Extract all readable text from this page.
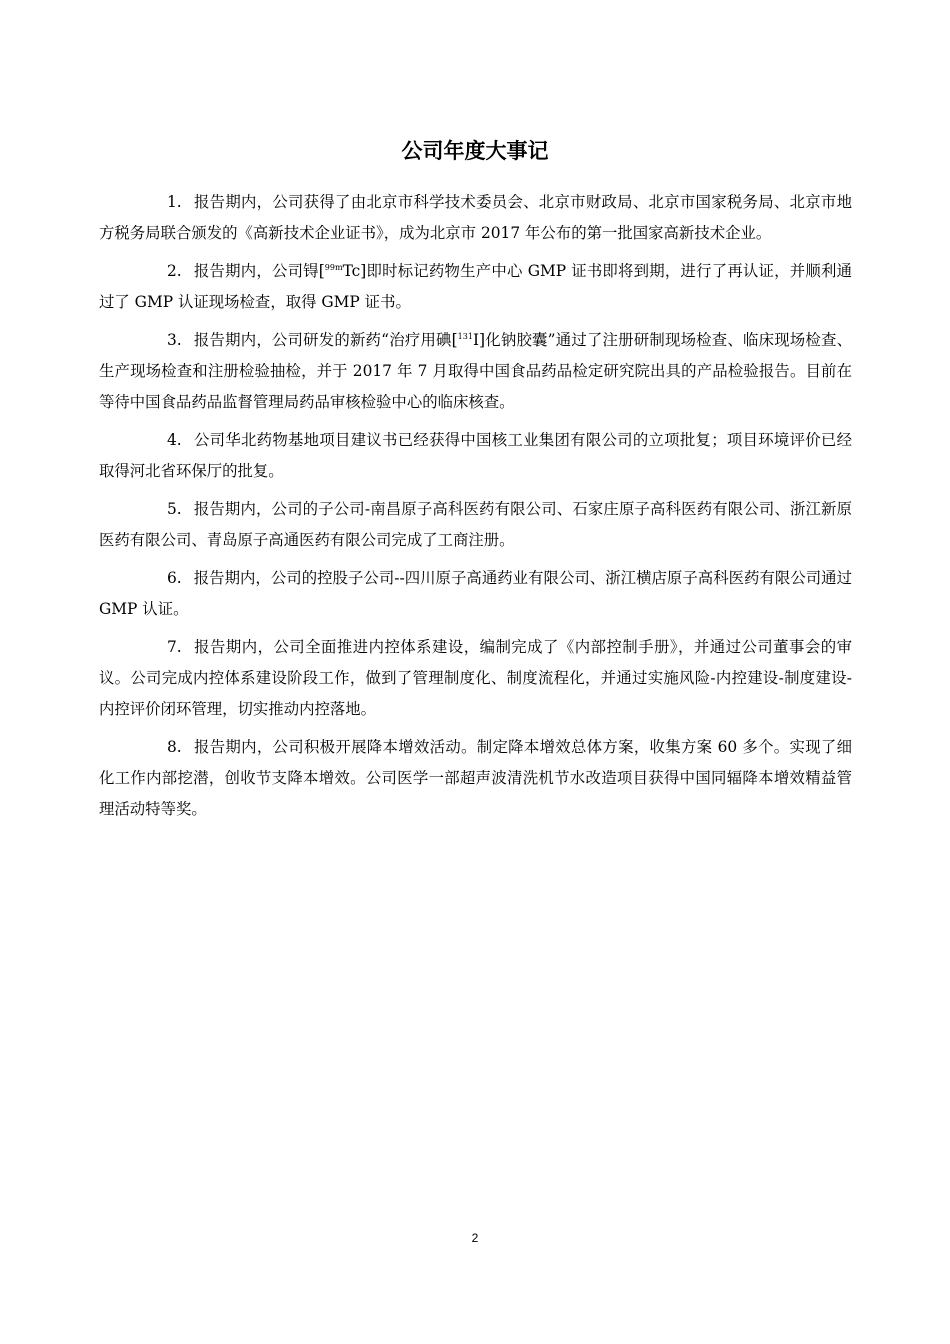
公司年度大事记

1. 报告期内，公司获得了由北京市科学技术委员会、北京市财政局、北京市国家税务局、北京市地方税务局联合颁发的《高新技术企业证书》，成为北京市 2017 年公布的第一批国家高新技术企业。

2. 报告期内，公司锝[$^{99m}$Tc]即时标记药物生产中心 GMP 证书即将到期，进行了再认证，并顺利通过了 GMP 认证现场检查，取得 GMP 证书。

3. 报告期内，公司研发的新药“治疗用碘[$^{131}$I]化钠胶囊”通过了注册研制现场检查、临床现场检查、生产现场检查和注册检验抽检，并于 2017 年 7 月取得中国食品药品检定研究院出具的产品检验报告。目前在等待中国食品药品监督管理局药品审核检验中心的临床核查。

4. 公司华北药物基地项目建议书已经获得中国核工业集团有限公司的立项批复；项目环境评价已经取得河北省环保厅的批复。

5. 报告期内，公司的子公司-南昌原子高科医药有限公司、石家庄原子高科医药有限公司、浙江新原医药有限公司、青岛原子高通医药有限公司完成了工商注册。

6. 报告期内，公司的控股子公司--四川原子高通药业有限公司、浙江横店原子高科医药有限公司通过 GMP 认证。

7. 报告期内，公司全面推进内控体系建设，编制完成了《内部控制手册》，并通过公司董事会的审议。公司完成内控体系建设阶段工作，做到了管理制度化、制度流程化，并通过实施风险-内控建设-制度建设-内控评价闭环管理，切实推动内控落地。

8. 报告期内，公司积极开展降本增效活动。制定降本增效总体方案，收集方案 60 多个。实现了细化工作内部挖潜，创收节支降本增效。公司医学一部超声波清洗机节水改造项目获得中国同辐降本增效精益管理活动特等奖。

2
